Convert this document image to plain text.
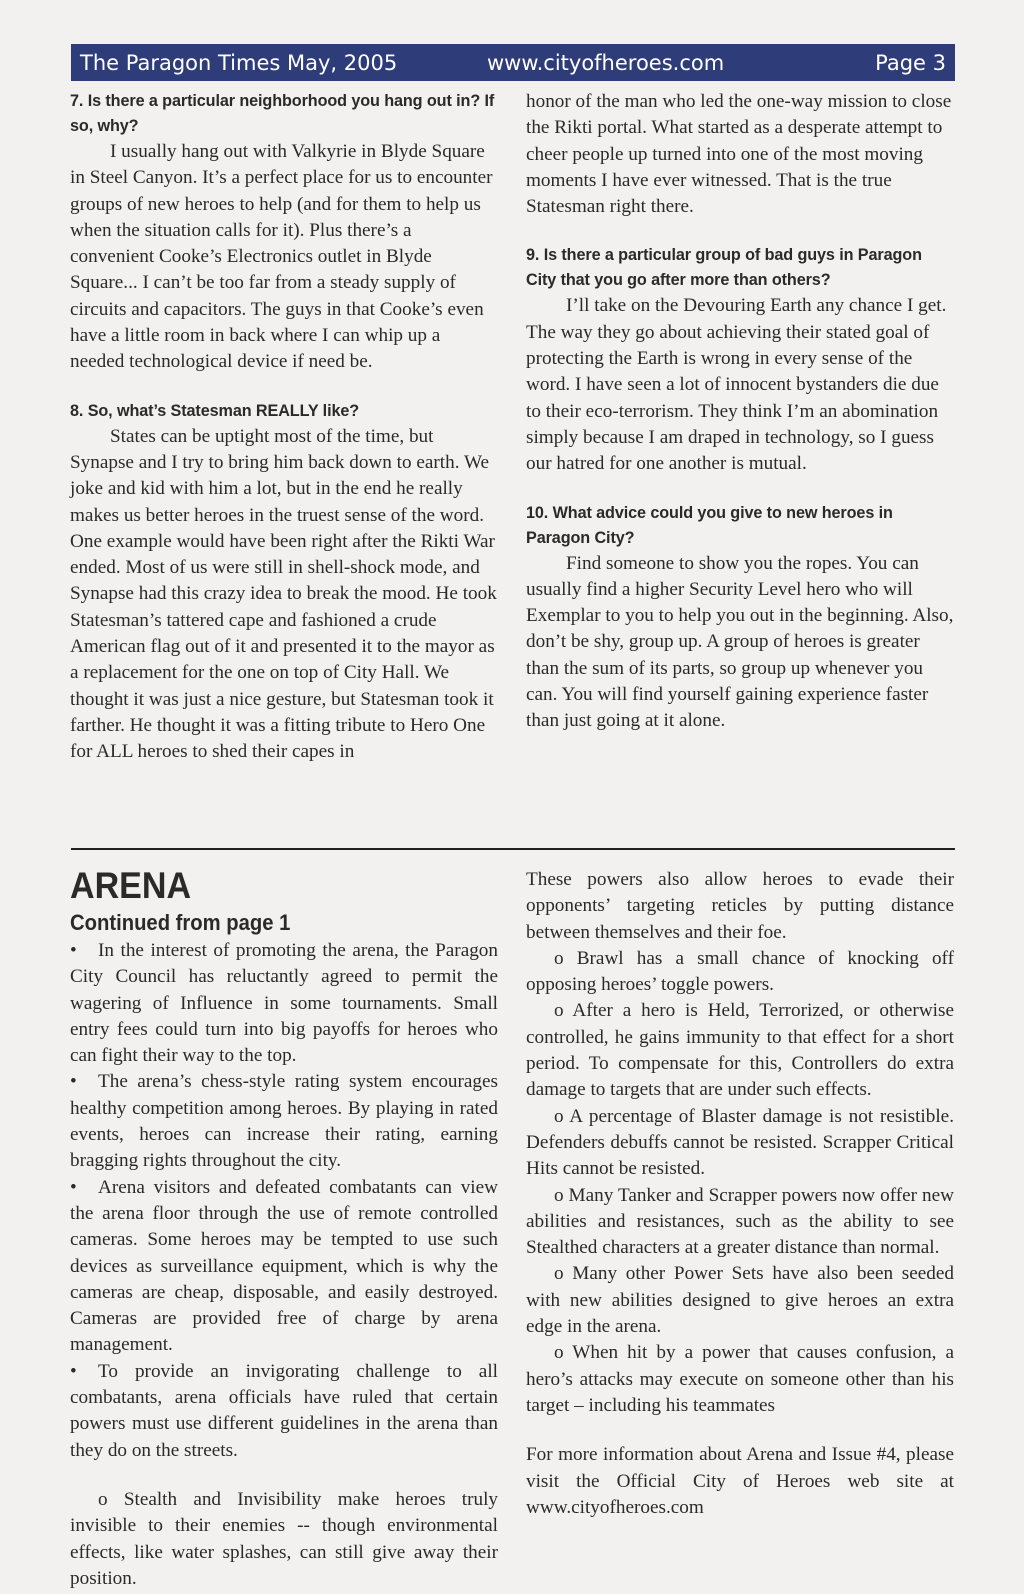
The Paragon Times May, 2005	www.cityofheroes.com	Page 3

7. Is there a particular neighborhood you hang out in? If so, why?

I usually hang out with Valkyrie in Blyde Square in Steel Canyon. It’s a perfect place for us to encounter groups of new heroes to help (and for them to help us when the situation calls for it). Plus there’s a convenient Cooke’s Electronics outlet in Blyde Square... I can’t be too far from a steady supply of circuits and capacitors. The guys in that Cooke’s even have a little room in back where I can whip up a needed technological device if need be.

8. So, what’s Statesman REALLY like?

States can be uptight most of the time, but Synapse and I try to bring him back down to earth. We joke and kid with him a lot, but in the end he really makes us better heroes in the truest sense of the word. One example would have been right after the Rikti War ended. Most of us were still in shell-shock mode, and Synapse had this crazy idea to break the mood. He took Statesman’s tattered cape and fashioned a crude American flag out of it and presented it to the mayor as a replacement for the one on top of City Hall. We thought it was just a nice gesture, but Statesman took it farther. He thought it was a fitting tribute to Hero One for ALL heroes to shed their capes in

honor of the man who led the one-way mission to close the Rikti portal. What started as a desperate attempt to cheer people up turned into one of the most moving moments I have ever witnessed. That is the true Statesman right there.

9. Is there a particular group of bad guys in Paragon City that you go after more than others?

I’ll take on the Devouring Earth any chance I get. The way they go about achieving their stated goal of protecting the Earth is wrong in every sense of the word. I have seen a lot of innocent bystanders die due to their eco-terrorism. They think I’m an abomination simply because I am draped in technology, so I guess our hatred for one another is mutual.

10. What advice could you give to new heroes in Paragon City?

Find someone to show you the ropes. You can usually find a higher Security Level hero who will Exemplar to you to help you out in the beginning. Also, don’t be shy, group up. A group of heroes is greater than the sum of its parts, so group up whenever you can. You will find yourself gaining experience faster than just going at it alone.

ARENA

Continued from page 1

• In the interest of promoting the arena, the Paragon City Council has reluctantly agreed to permit the wagering of Influence in some tournaments. Small entry fees could turn into big payoffs for heroes who can fight their way to the top.

• The arena’s chess-style rating system encourages healthy competition among heroes. By playing in rated events, heroes can increase their rating, earning bragging rights throughout the city.

• Arena visitors and defeated combatants can view the arena floor through the use of remote controlled cameras. Some heroes may be tempted to use such devices as surveillance equipment, which is why the cameras are cheap, disposable, and easily destroyed. Cameras are provided free of charge by arena management.

• To provide an invigorating challenge to all combatants, arena officials have ruled that certain powers must use different guidelines in the arena than they do on the streets.

o Stealth and Invisibility make heroes truly invisible to their enemies -- though environmental effects, like water splashes, can still give away their position.

These powers also allow heroes to evade their opponents’ targeting reticles by putting distance between themselves and their foe.

o Brawl has a small chance of knocking off opposing heroes’ toggle powers.

o After a hero is Held, Terrorized, or otherwise controlled, he gains immunity to that effect for a short period. To compensate for this, Controllers do extra damage to targets that are under such effects.

o A percentage of Blaster damage is not resistible. Defenders debuffs cannot be resisted. Scrapper Critical Hits cannot be resisted.

o Many Tanker and Scrapper powers now offer new abilities and resistances, such as the ability to see Stealthed characters at a greater distance than normal.

o Many other Power Sets have also been seeded with new abilities designed to give heroes an extra edge in the arena.

o When hit by a power that causes confusion, a hero’s attacks may execute on someone other than his target – including his teammates

For more information about Arena and Issue #4, please visit the Official City of Heroes web site at www.cityofheroes.com
